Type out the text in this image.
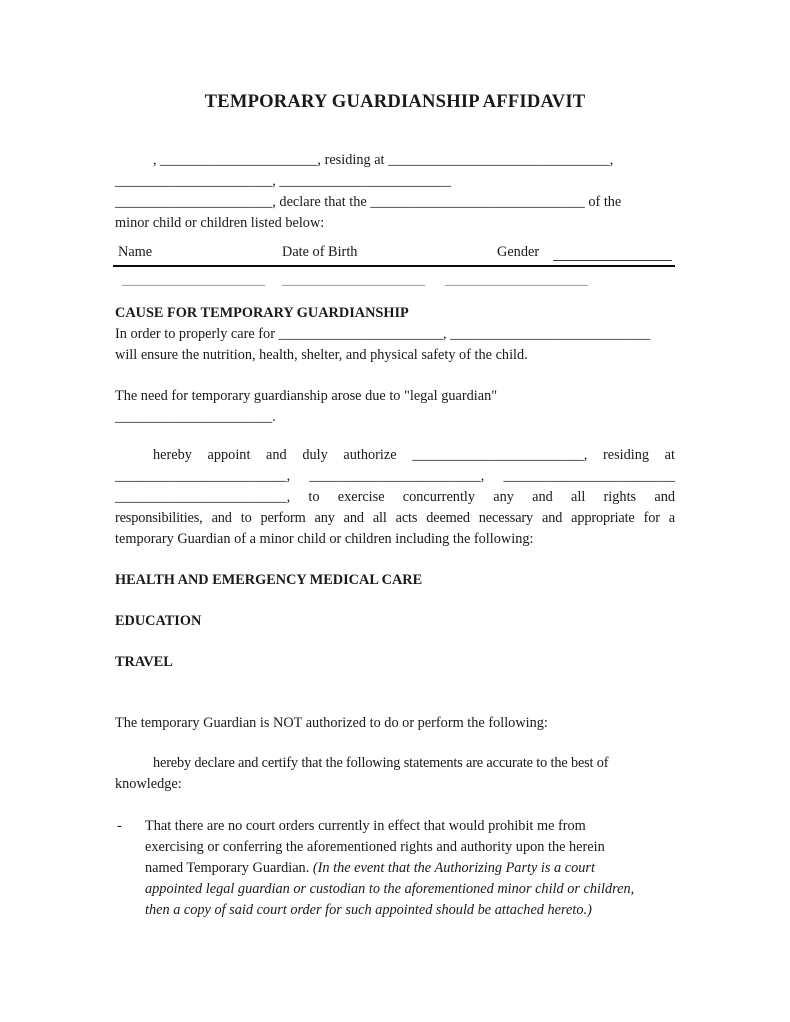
TEMPORARY GUARDIANSHIP AFFIDAVIT
, ______________________, residing at _______________________________,
______________________, ________________________
______________________, declare that the ______________________________ of the
minor child or children listed below:
Name	Date of Birth	Gender
____________________ ____________________ ____________________
CAUSE FOR TEMPORARY GUARDIANSHIP
In order to properly care for _______________________, ____________________________
will ensure the nutrition, health, shelter, and physical safety of the child.
The need for temporary guardianship arose due to "legal guardian"
______________________.
hereby appoint and duly authorize ________________________, residing at
________________________, ________________________, ________________________
________________________, to exercise concurrently any and all rights and
responsibilities, and to perform any and all acts deemed necessary and appropriate for a
temporary Guardian of a minor child or children including the following:
HEALTH AND EMERGENCY MEDICAL CARE
EDUCATION
TRAVEL
The temporary Guardian is NOT authorized to do or perform the following:
hereby declare and certify that the following statements are accurate to the best of
knowledge:
- That there are no court orders currently in effect that would prohibit me from
exercising or conferring the aforementioned rights and authority upon the herein
named Temporary Guardian. (In the event that the Authorizing Party is a court
appointed legal guardian or custodian to the aforementioned minor child or children,
then a copy of said court order for such appointed should be attached hereto.)
